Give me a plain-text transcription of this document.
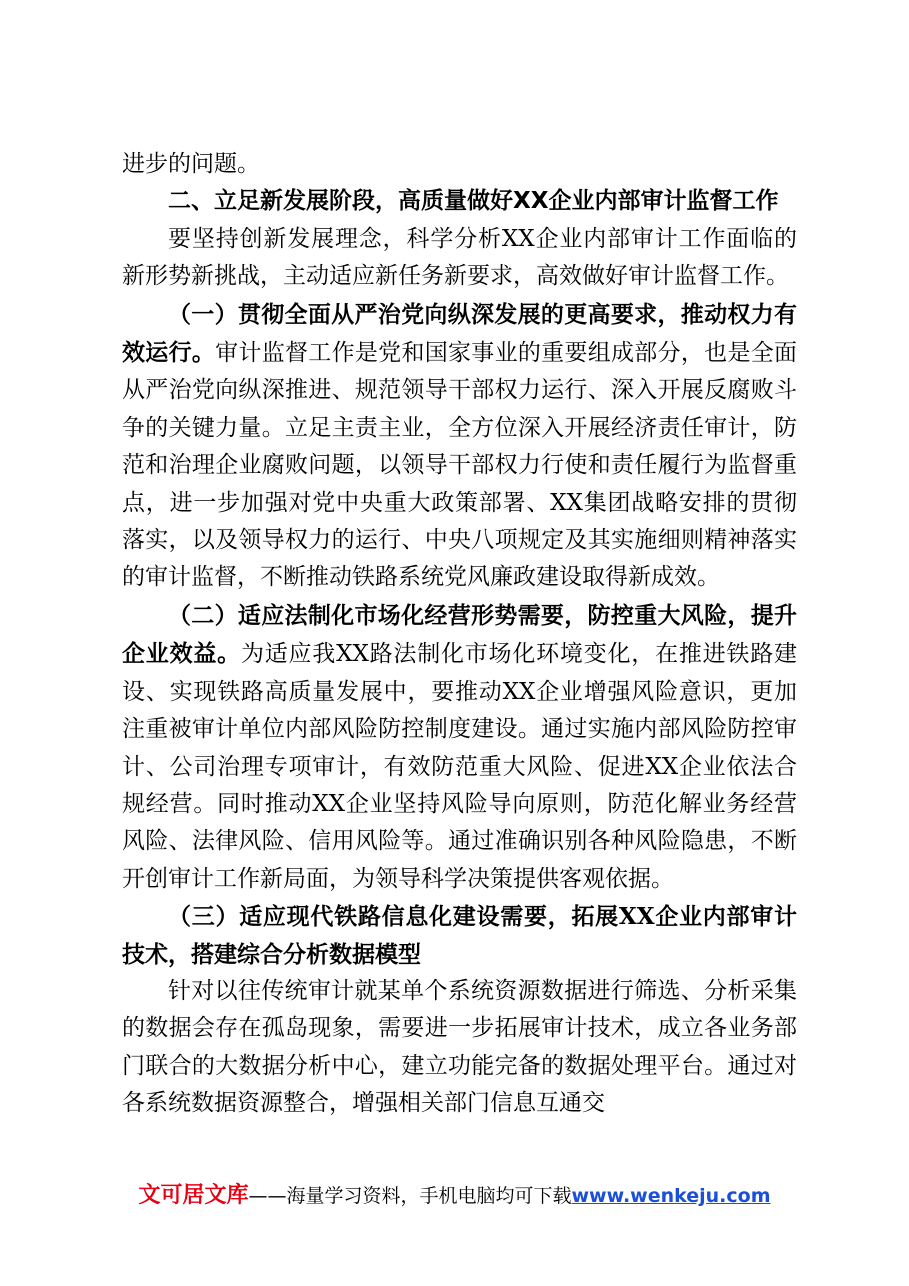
进步的问题。

二、立足新发展阶段，高质量做好XX企业内部审计监督工作

要坚持创新发展理念，科学分析XX企业内部审计工作面临的新形势新挑战，主动适应新任务新要求，高效做好审计监督工作。

（一）贯彻全面从严治党向纵深发展的更高要求，推动权力有效运行。审计监督工作是党和国家事业的重要组成部分，也是全面从严治党向纵深推进、规范领导干部权力运行、深入开展反腐败斗争的关键力量。立足主责主业，全方位深入开展经济责任审计，防范和治理企业腐败问题，以领导干部权力行使和责任履行为监督重点，进一步加强对党中央重大政策部署、XX集团战略安排的贯彻落实，以及领导权力的运行、中央八项规定及其实施细则精神落实的审计监督，不断推动铁路系统党风廉政建设取得新成效。

（二）适应法制化市场化经营形势需要，防控重大风险，提升企业效益。为适应我XX路法制化市场化环境变化，在推进铁路建设、实现铁路高质量发展中，要推动XX企业增强风险意识，更加注重被审计单位内部风险防控制度建设。通过实施内部风险防控审计、公司治理专项审计，有效防范重大风险、促进XX企业依法合规经营。同时推动XX企业坚持风险导向原则，防范化解业务经营风险、法律风险、信用风险等。通过准确识别各种风险隐患，不断开创审计工作新局面，为领导科学决策提供客观依据。

（三）适应现代铁路信息化建设需要，拓展XX企业内部审计技术，搭建综合分析数据模型

针对以往传统审计就某单个系统资源数据进行筛选、分析采集的数据会存在孤岛现象，需要进一步拓展审计技术，成立各业务部门联合的大数据分析中心，建立功能完备的数据处理平台。通过对各系统数据资源整合，增强相关部门信息互通交

文可居文库——海量学习资料，手机电脑均可下载www.wenkeju.com
